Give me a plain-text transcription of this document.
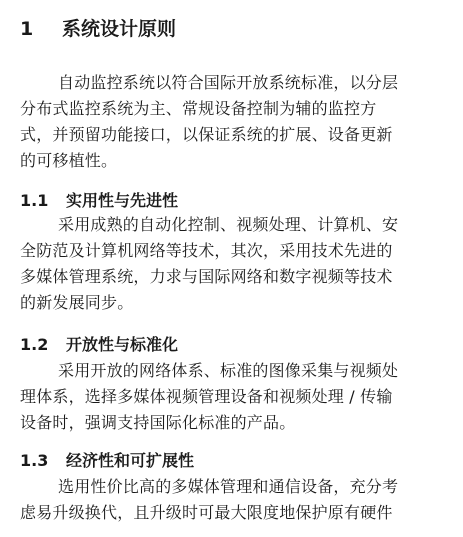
1 系统设计原则
自动监控系统以符合国际开放系统标准，以分层
分布式监控系统为主、常规设备控制为辅的监控方
式，并预留功能接口，以保证系统的扩展、设备更新
的可移植性。
1.1 实用性与先进性
采用成熟的自动化控制、视频处理、计算机、安
全防范及计算机网络等技术，其次，采用技术先进的
多媒体管理系统，力求与国际网络和数字视频等技术
的新发展同步。
1.2 开放性与标准化
采用开放的网络体系、标准的图像采集与视频处
理体系，选择多媒体视频管理设备和视频处理 / 传输
设备时，强调支持国际化标准的产品。
1.3 经济性和可扩展性
选用性价比高的多媒体管理和通信设备，充分考
虑易升级换代，且升级时可最大限度地保护原有硬件
